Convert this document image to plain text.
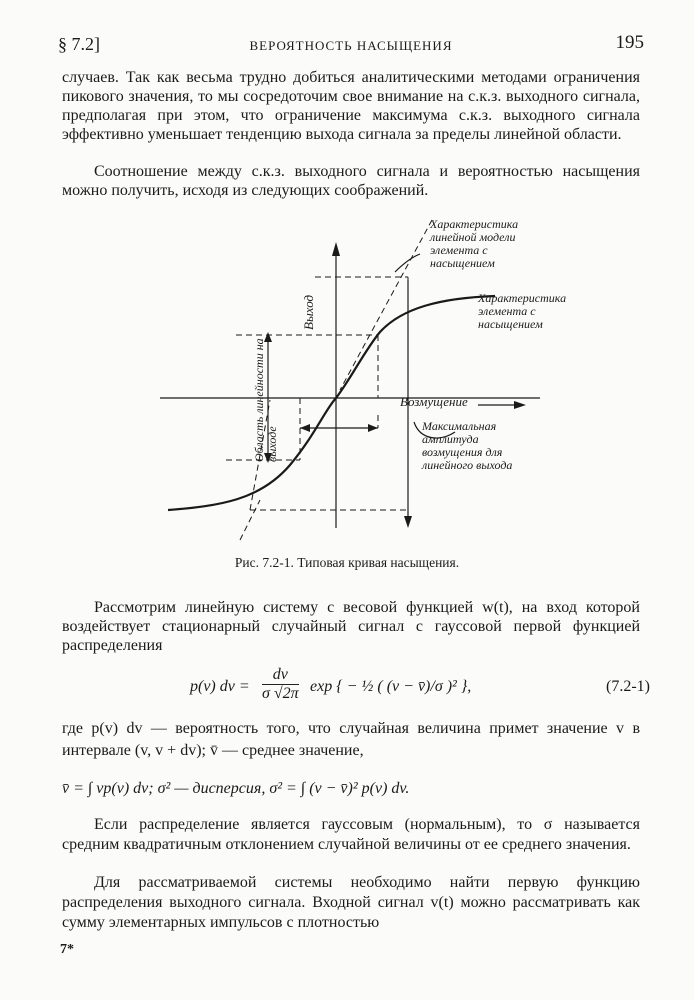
§ 7.2]	ВЕРОЯТНОСТЬ НАСЫЩЕНИЯ	195

случаев. Так как весьма трудно добиться аналитическими методами ограничения пикового значения, то мы сосредоточим свое внимание на с.к.з. выходного сигнала, предполагая при этом, что ограничение максимума с.к.з. выходного сигнала эффективно уменьшает тенденцию выхода сигнала за пределы линейной области.

Соотношение между с.к.з. выходного сигнала и вероятностью насыщения можно получить, исходя из следующих соображений.

Характеристика линейной модели элемента с насыщением
Характеристика элемента с насыщением
Выход
Возмущение
Область линейности на выходе
Максимальная амплитуда возмущения для линейного выхода
Рис. 7.2-1. Типовая кривая насыщения.

Рассмотрим линейную систему с весовой функцией w(t), на вход которой воздействует стационарный случайный сигнал с гауссовой первой функцией распределения

p(v) dv = $\frac{dv}{\sigma √2\pi}$ exp { − ½ ( (v − v̄)/σ )² },	(7.2-1)

где p(v) dv — вероятность того, что случайная величина примет значение v в интервале (v, v + dv); v̄ — среднее значение,

v̄ = ∫ vp(v) dv; σ² — дисперсия, σ² = ∫ (v − v̄)² p(v) dv.

Если распределение является гауссовым (нормальным), то σ называется средним квадратичным отклонением случайной величины от ее среднего значения.

Для рассматриваемой системы необходимо найти первую функцию распределения выходного сигнала. Входной сигнал v(t) можно рассматривать как сумму элементарных импульсов с плотностью

7*
